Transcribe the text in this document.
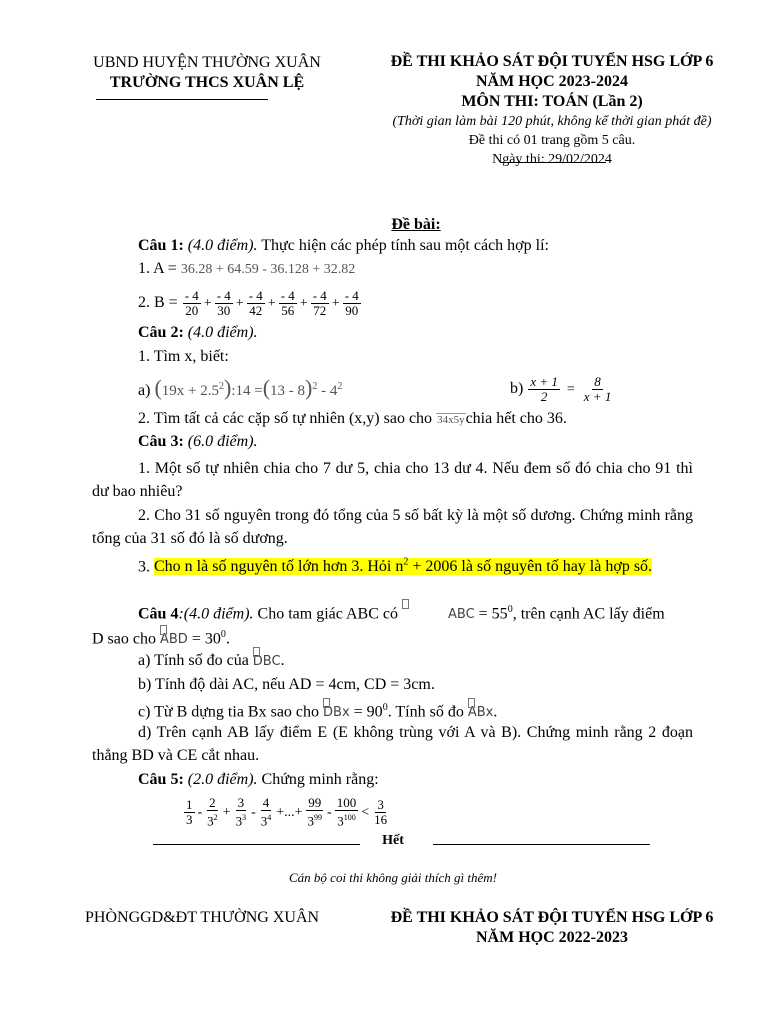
UBND HUYỆN THƯỜNG XUÂN
TRƯỜNG THCS XUÂN LỆ
ĐỀ THI KHẢO SÁT ĐỘI TUYỂN HSG LỚP 6
NĂM HỌC 2023-2024
MÔN THI: TOÁN (Lần 2)
(Thời gian làm bài 120 phút, không kể thời gian phát đề)
Đề thi có 01 trang gồm 5 câu.
Ngày thi: 29/02/2024
Đề bài:
Câu 1: (4.0 điểm). Thực hiện các phép tính sau một cách hợp lí:
1. A = 36.28 + 64.59 - 36.128 + 32.82
2. $B = \frac{- 4}{20} + \frac{- 4}{30} + \frac{- 4}{42} + \frac{- 4}{56} + \frac{- 4}{72} + \frac{- 4}{90}$
Câu 2: (4.0 điểm).
1. Tìm x, biết:
a) $(19x + 2.5^2):14 =(13 - 8)^2 - 4^2$	$b) \frac{x + 1}{2} = \frac{8}{x + 1}$
2. Tìm tất cả các cặp số tự nhiên (x,y) sao cho 34x5ychia hết cho 36.
Câu 3: (6.0 điểm).
1. Một số tự nhiên chia cho 7 dư 5, chia cho 13 dư 4. Nếu đem số đó chia cho 91 thì dư bao nhiêu?
2. Cho 31 số nguyên trong đó tổng của 5 số bất kỳ là một số dương. Chứng minh rằng tổng của 31 số đó là số dương.
3. Cho n là số nguyên tố lớn hơn 3. Hỏi $n^2 + 2006$ là số nguyên tố hay là hợp số.
Câu 4:(4.0 điểm). Cho tam giác ABC có	ABC = $55^0$, trên cạnh AC lấy điểm
D sao cho ABD = $30^0$.
a) Tính số đo của DBC.
b) Tính độ dài AC, nếu AD = 4cm, CD = 3cm.
c) Từ B dựng tia Bx sao cho DBx = $90^0$. Tính số đo ABx.
d) Trên cạnh AB lấy điểm E (E không trùng với A và B). Chứng minh rằng 2 đoạn thẳng BD và CE cắt nhau.
Câu 5: (2.0 điểm). Chứng minh rằng:
$\frac{1}{3} - \frac{2}{3^2} + \frac{3}{3^3} - \frac{4}{3^4}$ +...+ $\frac{99}{3^{99}} - \frac{100}{3^{100}} < \frac{3}{16}$
Hết
Cán bộ coi thi không giải thích gì thêm!
PHÒNGGD&ĐT THƯỜNG XUÂN	ĐỀ THI KHẢO SÁT ĐỘI TUYỂN HSG LỚP 6
NĂM HỌC 2022-2023
